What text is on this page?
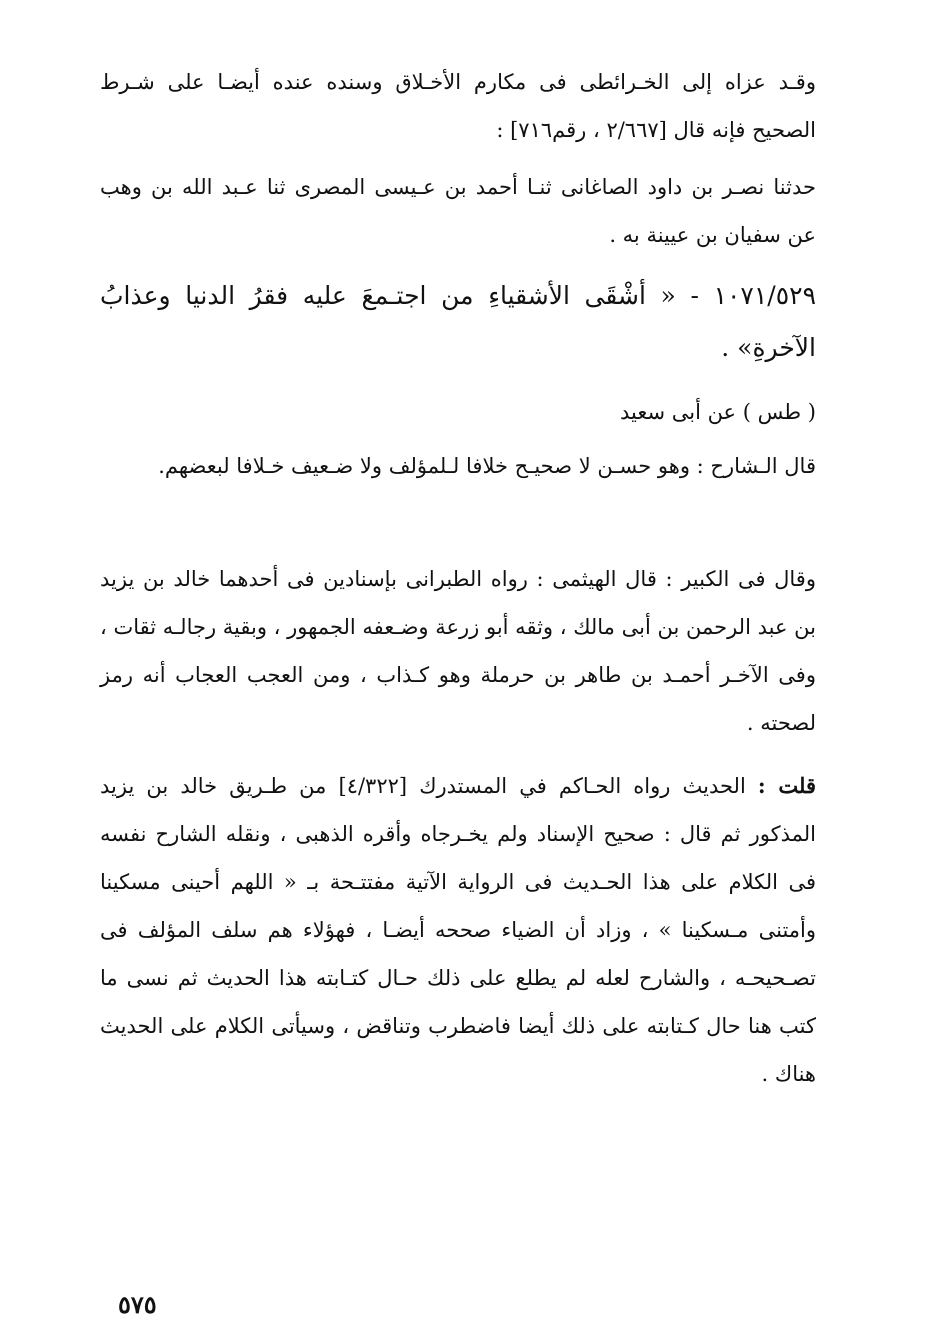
وقـد عزاه إلى الخـرائطى فى مكارم الأخـلاق وسنده عنده أيضـا على شـرط الصحيح فإنه قال [٢/٦٦٧ ، رقم٧١٦] :
حدثنا نصـر بن داود الصاغانى ثنـا أحمد بن عـيسى المصرى ثنا عـبد الله بن وهب عن سفيان بن عيينة به .
١٠٧١/٥٢٩ - « أشْقَى الأشقياءِ من اجتـمعَ عليه فقرُ الدنيا وعذابُ الآخرةِ» .
( طس ) عن أبى سعيد
قال الـشارح : وهو حسـن لا صحيـح خلافا لـلمؤلف ولا ضـعيف خـلافا لبعضهم.
وقال فى الكبير : قال الهيثمى : رواه الطبرانى بإسنادين فى أحدهما خالد بن يزيد بن عبد الرحمن بن أبى مالك ، وثقه أبو زرعة وضـعفه الجمهور ، وبقية رجالـه ثقات ، وفى الآخـر أحمـد بن طاهر بن حرملة وهو كـذاب ، ومن العجب العجاب أنه رمز لصحته .
قلت : الحديث رواه الحـاكم في المستدرك [٤/٣٢٢] من طـريق خالد بن يزيد المذكور ثم قال : صحيح الإسناد ولم يخـرجاه وأقره الذهبى ، ونقله الشارح نفسه فى الكلام على هذا الحـديث فى الرواية الآتية مفتتـحة بـ « اللهم أحينى مسكينا وأمتنى مـسكينا » ، وزاد أن الضياء صححه أيضـا ، فهؤلاء هم سلف المؤلف فى تصـحيحـه ، والشارح لعله لم يطلع على ذلك حـال كتـابته هذا الحديث ثم نسى ما كتب هنا حال كـتابته على ذلك أيضا فاضطرب وتناقض ، وسيأتى الكلام على الحديث هناك .
٥٧٥
